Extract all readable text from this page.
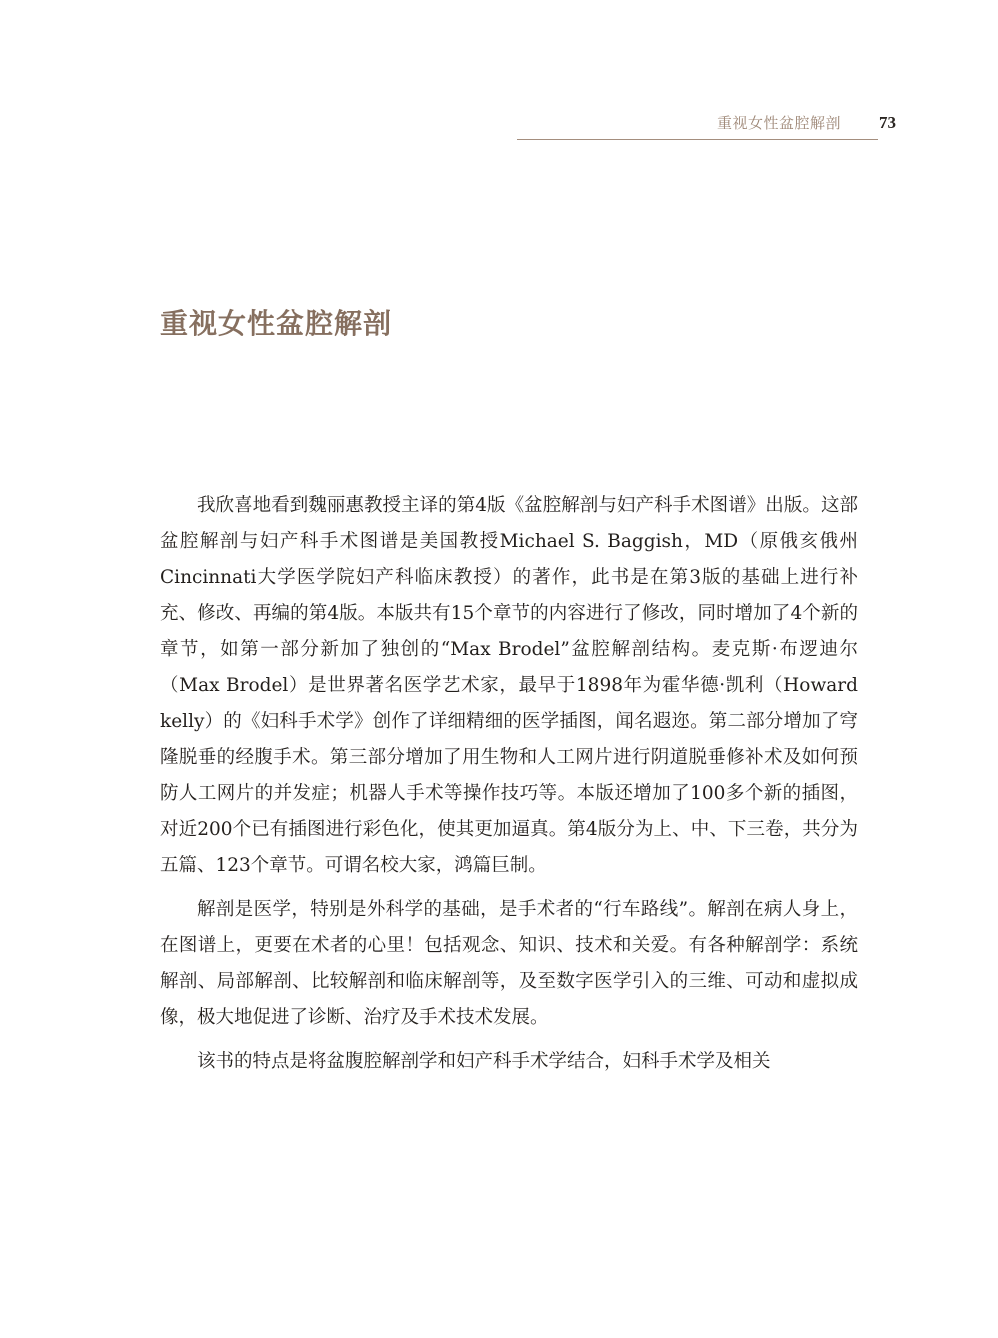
重视女性盆腔解剖 73
重视女性盆腔解剖

我欣喜地看到魏丽惠教授主译的第4版《盆腔解剖与妇产科手术图谱》出版。这部盆腔解剖与妇产科手术图谱是美国教授Michael S. Baggish，MD（原俄亥俄州Cincinnati大学医学院妇产科临床教授）的著作，此书是在第3版的基础上进行补充、修改、再编的第4版。本版共有15个章节的内容进行了修改，同时增加了4个新的章节，如第一部分新加了独创的“Max Brodel”盆腔解剖结构。麦克斯·布逻迪尔（Max Brodel）是世界著名医学艺术家，最早于1898年为霍华德·凯利（Howard kelly）的《妇科手术学》创作了详细精细的医学插图，闻名遐迩。第二部分增加了穹隆脱垂的经腹手术。第三部分增加了用生物和人工网片进行阴道脱垂修补术及如何预防人工网片的并发症；机器人手术等操作技巧等。本版还增加了100多个新的插图，对近200个已有插图进行彩色化，使其更加逼真。第4版分为上、中、下三卷，共分为五篇、123个章节。可谓名校大家，鸿篇巨制。

解剖是医学，特别是外科学的基础，是手术者的“行车路线”。解剖在病人身上，在图谱上，更要在术者的心里！包括观念、知识、技术和关爱。有各种解剖学：系统解剖、局部解剖、比较解剖和临床解剖等，及至数字医学引入的三维、可动和虚拟成像，极大地促进了诊断、治疗及手术技术发展。

该书的特点是将盆腹腔解剖学和妇产科手术学结合，妇科手术学及相关
